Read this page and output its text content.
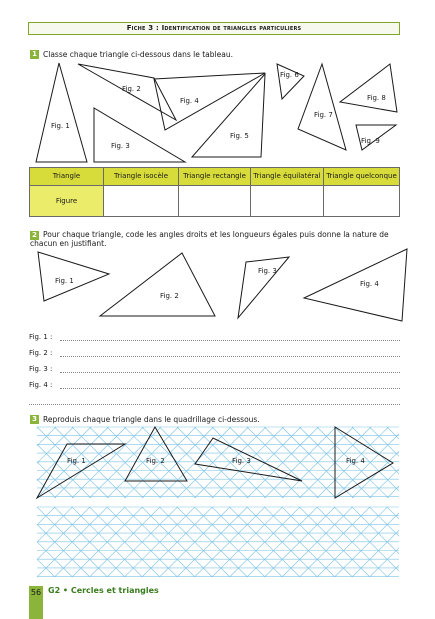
Fiche 3 : Identification de triangles particuliers
1 Classe chaque triangle ci-dessous dans le tableau.
Fig. 1
Fig. 2
Fig. 3
Fig. 4
Fig. 5
Fig. 6
Fig. 7
Fig. 8
Fig. 9
Triangle	Triangle isocèle	Triangle rectangle	Triangle équilatéral	Triangle quelconque
Figure				
2 Pour chaque triangle, code les angles droits et les longueurs égales puis donne la nature de chacun en justifiant.
Fig. 1
Fig. 2
Fig. 3
Fig. 4
Fig. 1 :
Fig. 2 :
Fig. 3 :
Fig. 4 :
3 Reproduis chaque triangle dans le quadrillage ci-dessous.
Fig. 1	Fig. 2	Fig. 3	Fig. 4
56 G2 • Cercles et triangles
